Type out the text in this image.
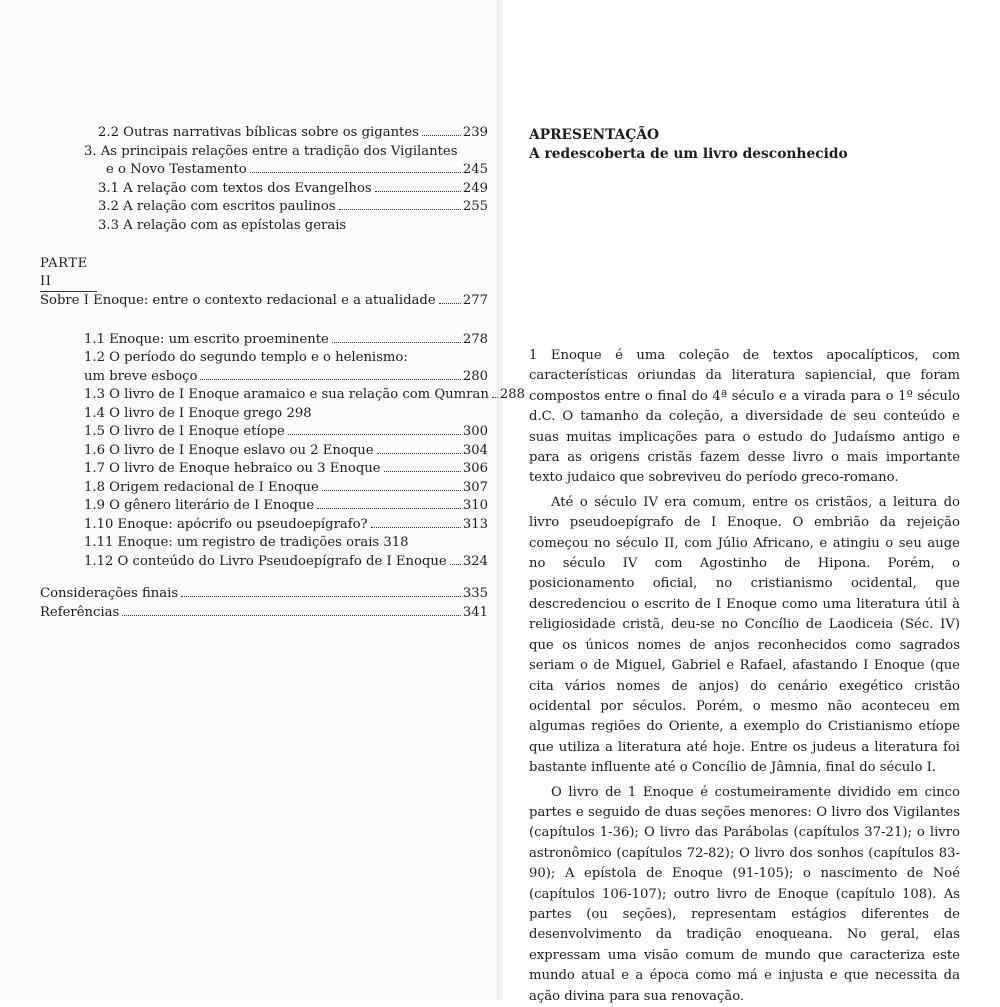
2.2 Outras narrativas bíblicas sobre os gigantes	239
3. As principais relações entre a tradição dos Vigilantes
e o Novo Testamento	245
3.1 A relação com textos dos Evangelhos	249
3.2 A relação com escritos paulinos	255
3.3 A relação com as epístolas gerais
PARTE II
Sobre I Enoque: entre o contexto redacional e a atualidade 277
1.1 Enoque: um escrito proeminente	278
1.2 O período do segundo templo e o helenismo:
um breve esboço	280
1.3 O livro de I Enoque aramaico e sua relação com Qumran 288
1.4 O livro de I Enoque grego 298
1.5 O livro de I Enoque etíope	300
1.6 O livro de I Enoque eslavo ou 2 Enoque	304
1.7 O livro de Enoque hebraico ou 3 Enoque	306
1.8 Origem redacional de I Enoque	307
1.9 O gênero literário de I Enoque	310
1.10 Enoque: apócrifo ou pseudoepígrafo?	313
1.11 Enoque: um registro de tradições orais 318
1.12 O conteúdo do Livro Pseudoepígrafo de I Enoque 324
Considerações finais	335
Referências	341
APRESENTAÇÃO
A redescoberta de um livro desconhecido

1 Enoque é uma coleção de textos apocalípticos, com características oriundas da literatura sapiencial, que foram compostos entre o final do 4ª século e a virada para o 1º século d.C. O tamanho da coleção, a diversidade de seu conteúdo e suas muitas implicações para o estudo do Judaísmo antigo e para as origens cristãs fazem desse livro o mais importante texto judaico que sobreviveu do período greco-romano.

Até o século IV era comum, entre os cristãos, a leitura do livro pseudoepígrafo de I Enoque. O embrião da rejeição começou no século II, com Júlio Africano, e atingiu o seu auge no século IV com Agostinho de Hipona. Porém, o posicionamento oficial, no cristianismo ocidental, que descredenciou o escrito de I Enoque como uma literatura útil à religiosidade cristã, deu-se no Concílio de Laodiceia (Séc. IV) que os únicos nomes de anjos reconhecidos como sagrados seriam o de Miguel, Gabriel e Rafael, afastando I Enoque (que cita vários nomes de anjos) do cenário exegético cristão ocidental por séculos. Porém, o mesmo não aconteceu em algumas regiões do Oriente, a exemplo do Cristianismo etíope que utiliza a literatura até hoje. Entre os judeus a literatura foi bastante influente até o Concílio de Jâmnia, final do século I.

O livro de 1 Enoque é costumeiramente dividido em cinco partes e seguido de duas seções menores: O livro dos Vigilantes (capítulos 1-36); O livro das Parábolas (capítulos 37-21); o livro astronômico (capítulos 72-82); O livro dos sonhos (capítulos 83-90); A epístola de Enoque (91-105); o nascimento de Noé (capítulos 106-107); outro livro de Enoque (capítulo 108). As partes (ou seções), representam estágios diferentes de desenvolvimento da tradição enoqueana. No geral, elas expressam uma visão comum de mundo que caracteriza este mundo atual e a época como má e injusta e que necessita da ação divina para sua renovação.
